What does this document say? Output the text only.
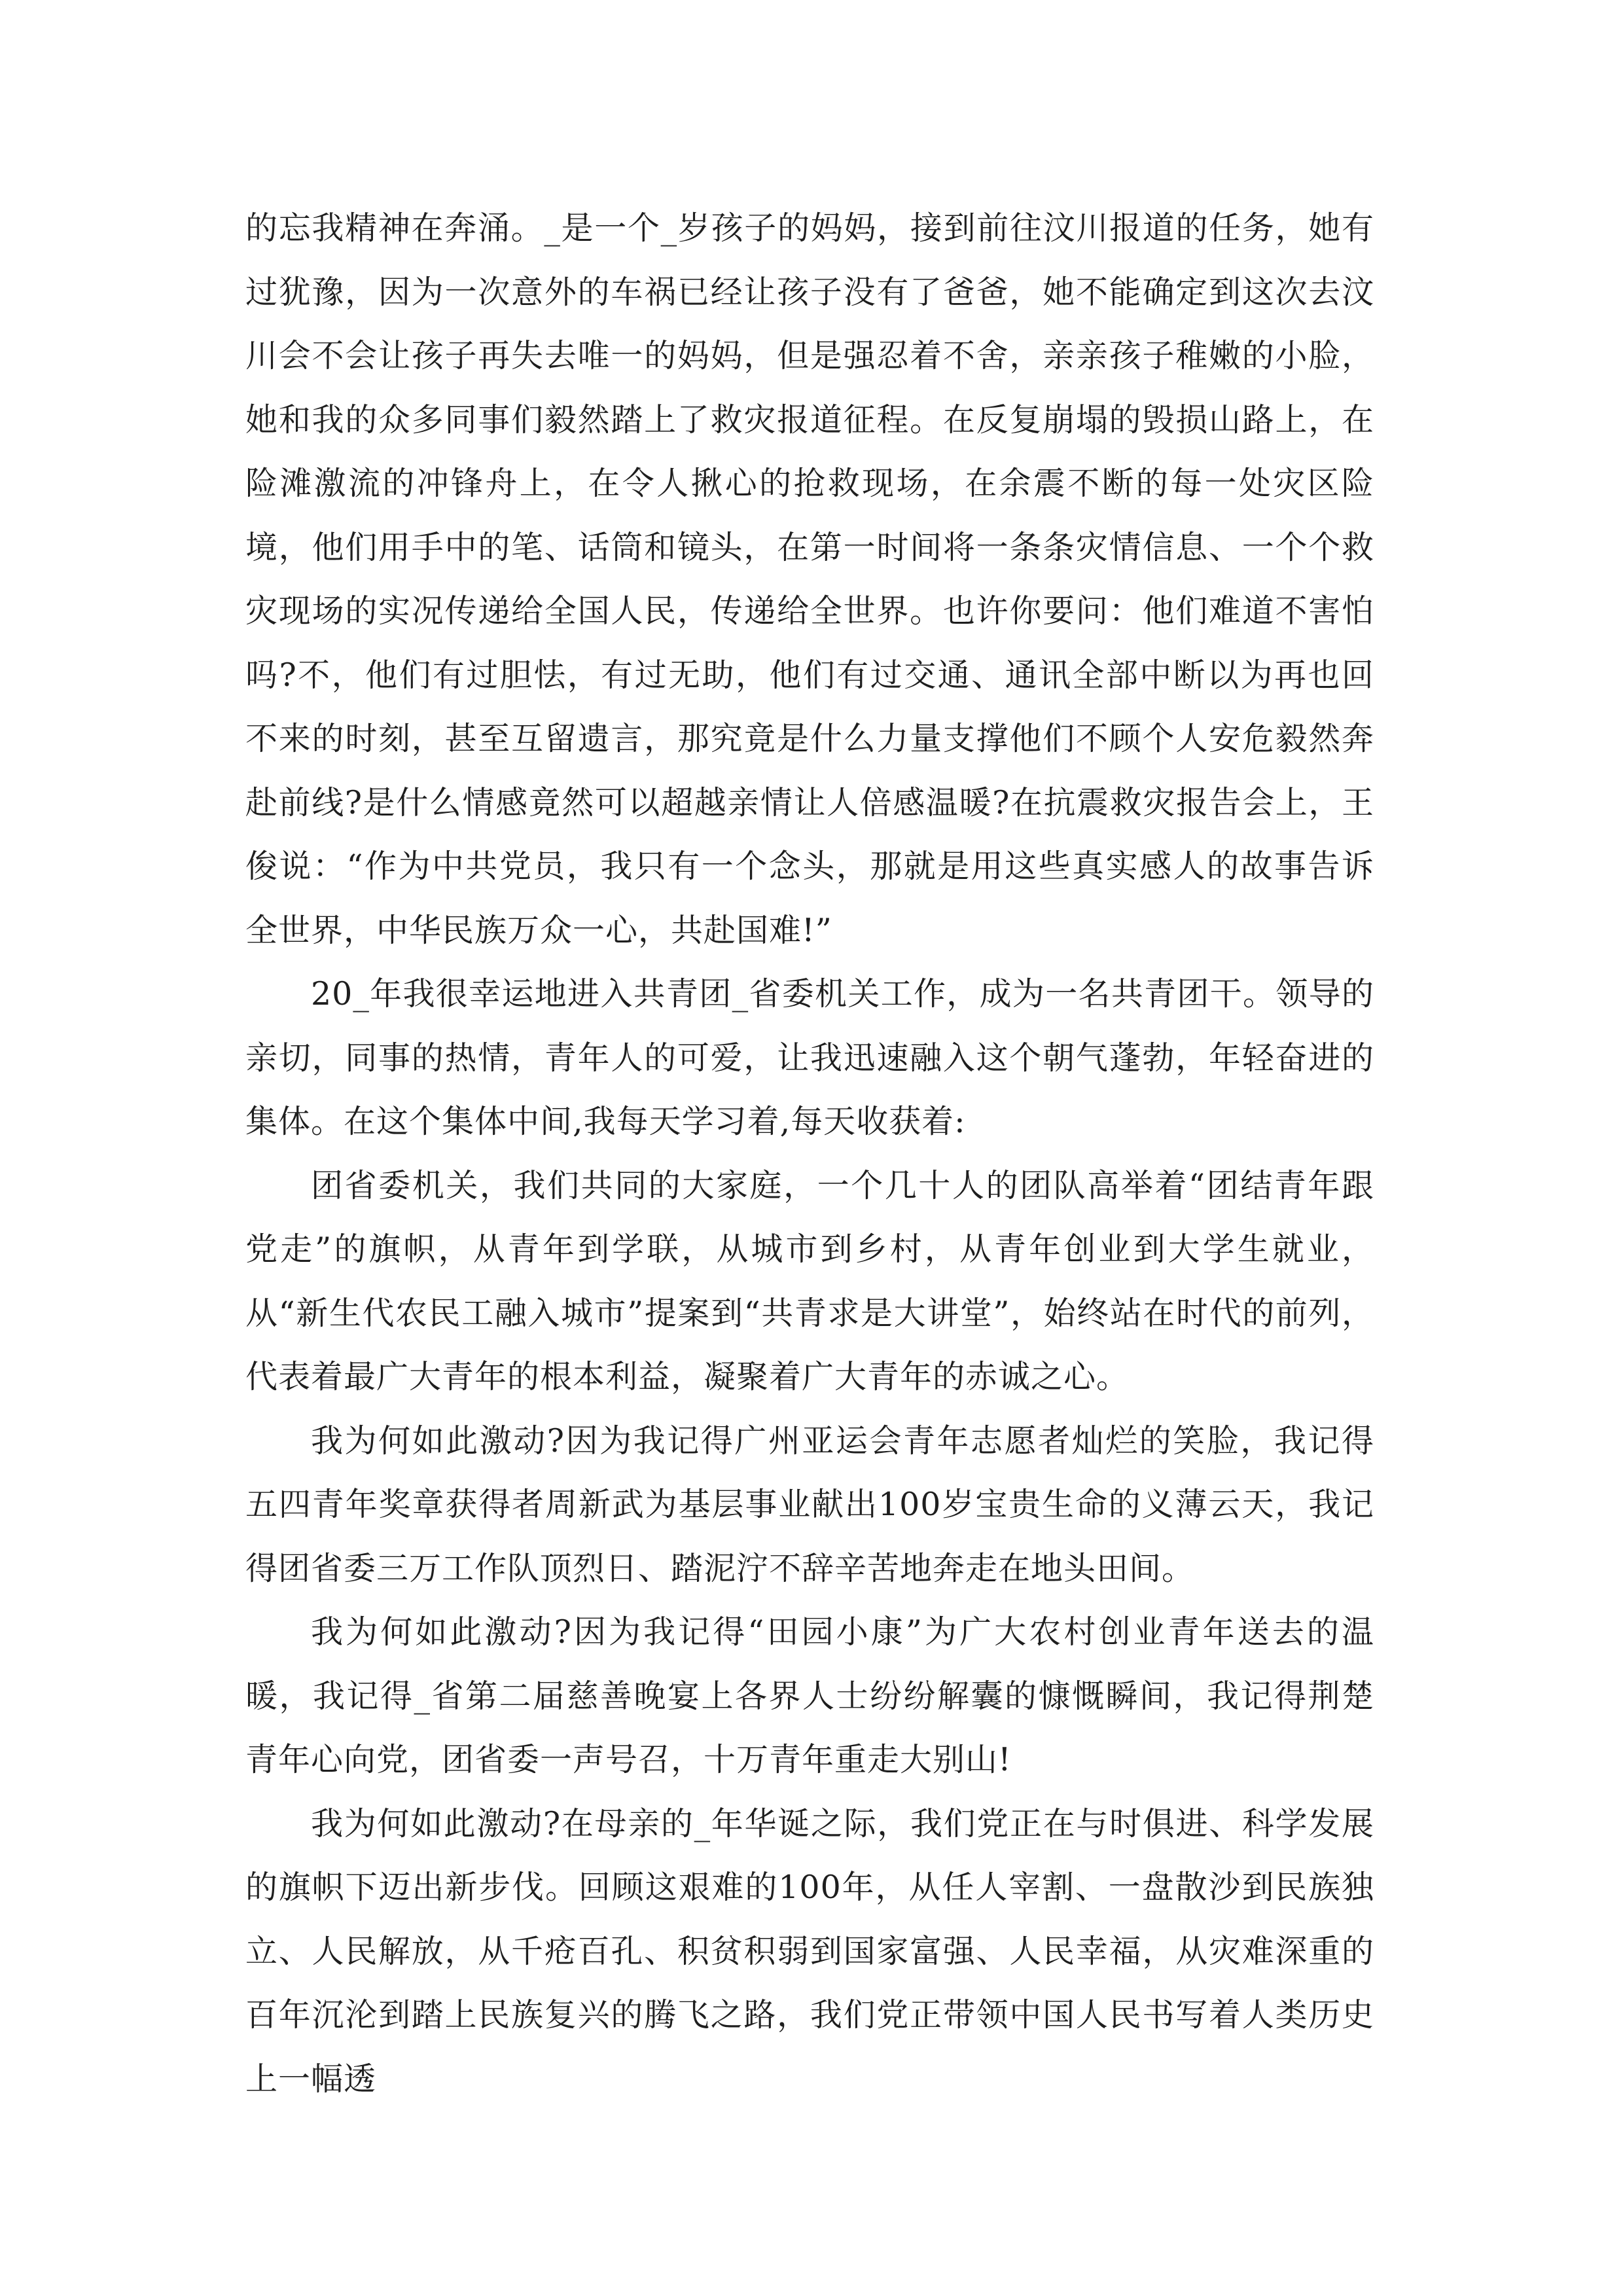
的忘我精神在奔涌。_是一个_岁孩子的妈妈，接到前往汶川报道的任务，她有过犹豫，因为一次意外的车祸已经让孩子没有了爸爸，她不能确定到这次去汶川会不会让孩子再失去唯一的妈妈，但是强忍着不舍，亲亲孩子稚嫩的小脸，她和我的众多同事们毅然踏上了救灾报道征程。在反复崩塌的毁损山路上，在险滩激流的冲锋舟上，在令人揪心的抢救现场，在余震不断的每一处灾区险境，他们用手中的笔、话筒和镜头，在第一时间将一条条灾情信息、一个个救灾现场的实况传递给全国人民，传递给全世界。也许你要问：他们难道不害怕吗?不，他们有过胆怯，有过无助，他们有过交通、通讯全部中断以为再也回不来的时刻，甚至互留遗言，那究竟是什么力量支撑他们不顾个人安危毅然奔赴前线?是什么情感竟然可以超越亲情让人倍感温暖?在抗震救灾报告会上，王俊说：“作为中共党员，我只有一个念头，那就是用这些真实感人的故事告诉全世界，中华民族万众一心，共赴国难!”

20_年我很幸运地进入共青团_省委机关工作，成为一名共青团干。领导的亲切，同事的热情，青年人的可爱，让我迅速融入这个朝气蓬勃，年轻奋进的集体。在这个集体中间,我每天学习着,每天收获着:

团省委机关，我们共同的大家庭，一个几十人的团队高举着“团结青年跟党走”的旗帜，从青年到学联，从城市到乡村，从青年创业到大学生就业，从“新生代农民工融入城市”提案到“共青求是大讲堂”，始终站在时代的前列，代表着最广大青年的根本利益，凝聚着广大青年的赤诚之心。

我为何如此激动?因为我记得广州亚运会青年志愿者灿烂的笑脸，我记得五四青年奖章获得者周新武为基层事业献出100岁宝贵生命的义薄云天，我记得团省委三万工作队顶烈日、踏泥泞不辞辛苦地奔走在地头田间。

我为何如此激动?因为我记得“田园小康”为广大农村创业青年送去的温暖，我记得_省第二届慈善晚宴上各界人士纷纷解囊的慷慨瞬间，我记得荆楚青年心向党，团省委一声号召，十万青年重走大别山!

我为何如此激动?在母亲的_年华诞之际，我们党正在与时俱进、科学发展的旗帜下迈出新步伐。回顾这艰难的100年，从任人宰割、一盘散沙到民族独立、人民解放，从千疮百孔、积贫积弱到国家富强、人民幸福，从灾难深重的百年沉沦到踏上民族复兴的腾飞之路，我们党正带领中国人民书写着人类历史上一幅透
